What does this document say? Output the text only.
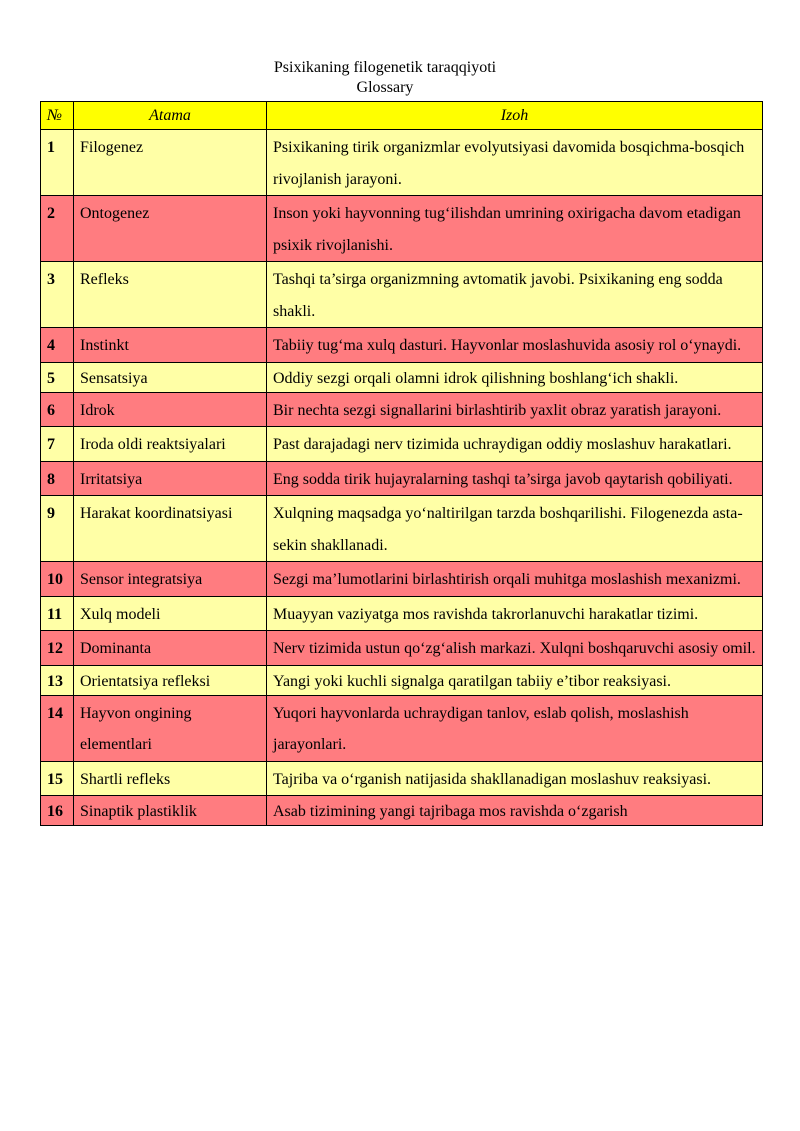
Psixikaning filogenetik taraqqiyoti
Glossary
№	Atama	Izoh
1	Filogenez	Psixikaning tirik organizmlar evolyutsiyasi davomida bosqichma-bosqich rivojlanish jarayoni.
2	Ontogenez	Inson yoki hayvonning tug‘ilishdan umrining oxirigacha davom etadigan psixik rivojlanishi.
3	Refleks	Tashqi ta’sirga organizmning avtomatik javobi. Psixikaning eng sodda shakli.
4	Instinkt	Tabiiy tug‘ma xulq dasturi. Hayvonlar moslashuvida asosiy rol o‘ynaydi.
5	Sensatsiya	Oddiy sezgi orqali olamni idrok qilishning boshlang‘ich shakli.
6	Idrok	Bir nechta sezgi signallarini birlashtirib yaxlit obraz yaratish jarayoni.
7	Iroda oldi reaktsiyalari	Past darajadagi nerv tizimida uchraydigan oddiy moslashuv harakatlari.
8	Irritatsiya	Eng sodda tirik hujayralarning tashqi ta’sirga javob qaytarish qobiliyati.
9	Harakat koordinatsiyasi	Xulqning maqsadga yo‘naltirilgan tarzda boshqarilishi. Filogenezda asta-sekin shakllanadi.
10	Sensor integratsiya	Sezgi ma’lumotlarini birlashtirish orqali muhitga moslashish mexanizmi.
11	Xulq modeli	Muayyan vaziyatga mos ravishda takrorlanuvchi harakatlar tizimi.
12	Dominanta	Nerv tizimida ustun qo‘zg‘alish markazi. Xulqni boshqaruvchi asosiy omil.
13	Orientatsiya refleksi	Yangi yoki kuchli signalga qaratilgan tabiiy e’tibor reaksiyasi.
14	Hayvon ongining elementlari	Yuqori hayvonlarda uchraydigan tanlov, eslab qolish, moslashish jarayonlari.
15	Shartli refleks	Tajriba va o‘rganish natijasida shakllanadigan moslashuv reaksiyasi.
16	Sinaptik plastiklik	Asab tizimining yangi tajribaga mos ravishda o‘zgarish
